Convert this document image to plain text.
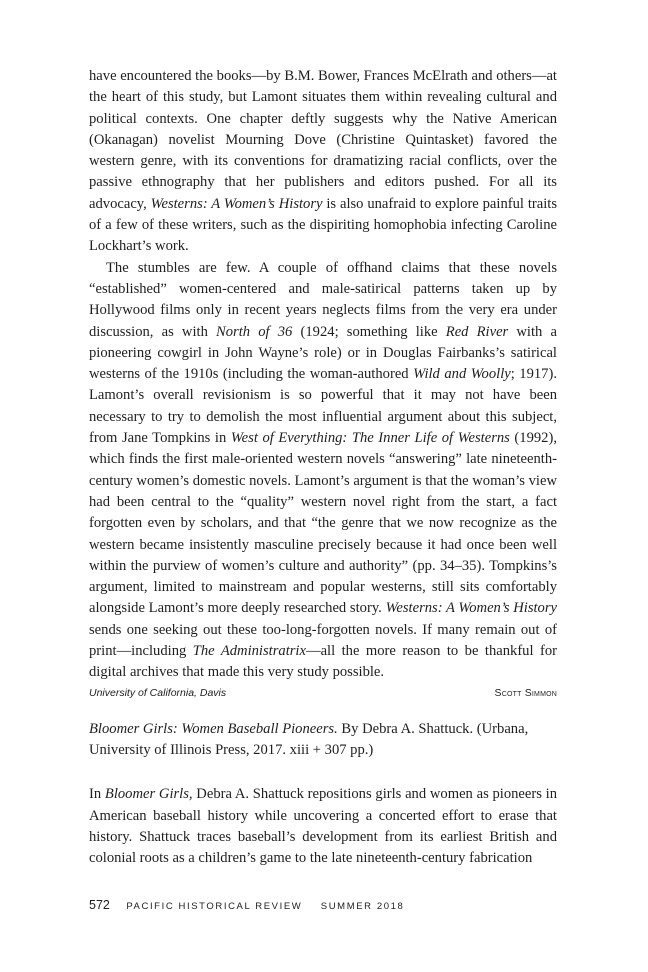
have encountered the books—by B.M. Bower, Frances McElrath and others—at the heart of this study, but Lamont situates them within revealing cultural and political contexts. One chapter deftly suggests why the Native American (Okanagan) novelist Mourning Dove (Christine Quintasket) favored the western genre, with its conventions for dramatizing racial conflicts, over the passive ethnography that her publishers and editors pushed. For all its advocacy, Westerns: A Women’s History is also unafraid to explore painful traits of a few of these writers, such as the dispiriting homophobia infecting Caroline Lockhart’s work.

The stumbles are few. A couple of offhand claims that these novels “established” women-centered and male-satirical patterns taken up by Hollywood films only in recent years neglects films from the very era under discussion, as with North of 36 (1924; something like Red River with a pioneering cowgirl in John Wayne’s role) or in Douglas Fairbanks’s satirical westerns of the 1910s (including the woman-authored Wild and Woolly; 1917). Lamont’s overall revisionism is so powerful that it may not have been necessary to try to demolish the most influential argument about this subject, from Jane Tompkins in West of Everything: The Inner Life of Westerns (1992), which finds the first male-oriented western novels “answering” late nineteenth-century women’s domestic novels. Lamont’s argument is that the woman’s view had been central to the “quality” western novel right from the start, a fact forgotten even by scholars, and that “the genre that we now recognize as the western became insistently masculine precisely because it had once been well within the purview of women’s culture and authority” (pp. 34–35). Tompkins’s argument, limited to mainstream and popular westerns, still sits comfortably alongside Lamont’s more deeply researched story. Westerns: A Women’s History sends one seeking out these too-long-forgotten novels. If many remain out of print—including The Administratrix—all the more reason to be thankful for digital archives that made this very study possible.

University of California, Davis	Scott Simmon

Bloomer Girls: Women Baseball Pioneers. By Debra A. Shattuck. (Urbana, University of Illinois Press, 2017. xiii + 307 pp.)

In Bloomer Girls, Debra A. Shattuck repositions girls and women as pioneers in American baseball history while uncovering a concerted effort to erase that history. Shattuck traces baseball’s development from its earliest British and colonial roots as a children’s game to the late nineteenth-century fabrication

572 PACIFIC HISTORICAL REVIEW SUMMER 2018
